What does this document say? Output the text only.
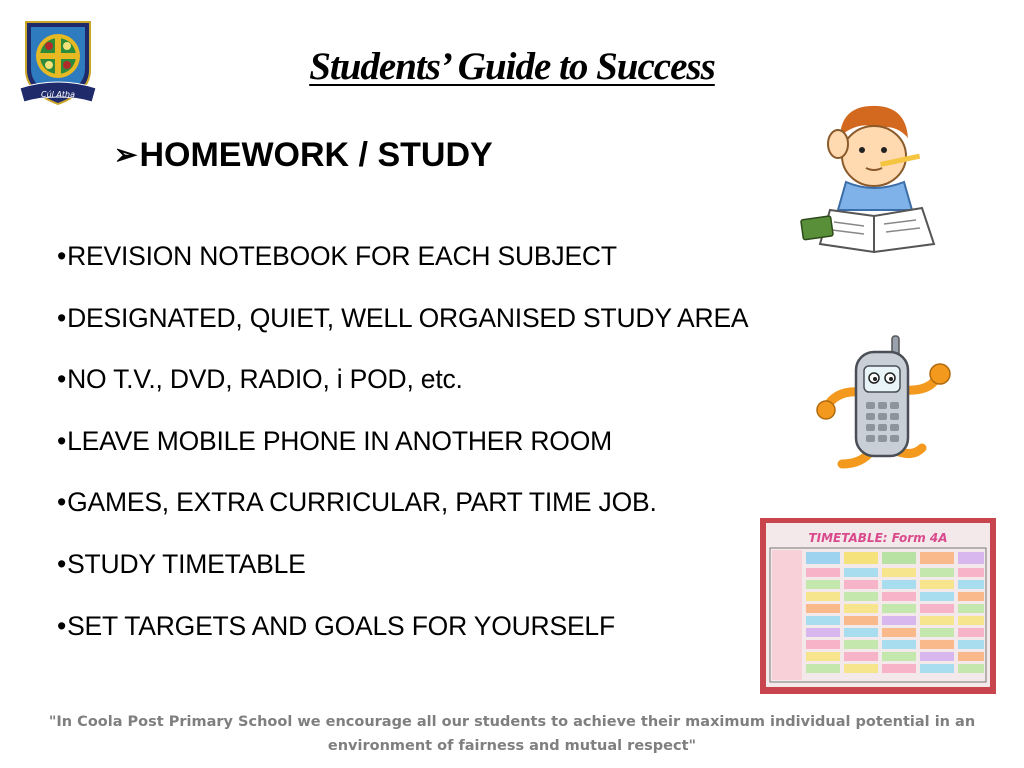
Cúl Atha
Students’ Guide to Success
➢HOMEWORK / STUDY
• REVISION NOTEBOOK FOR EACH SUBJECT
• DESIGNATED, QUIET, WELL ORGANISED STUDY AREA
• NO T.V., DVD, RADIO, i POD, etc.
• LEAVE MOBILE PHONE IN ANOTHER ROOM
• GAMES, EXTRA CURRICULAR, PART TIME JOB.
• STUDY TIMETABLE
• SET TARGETS AND GOALS FOR YOURSELF
TIMETABLE: Form 4A
"In Coola Post Primary School we encourage all our students to achieve their maximum individual potential in an environment of fairness and mutual respect"
